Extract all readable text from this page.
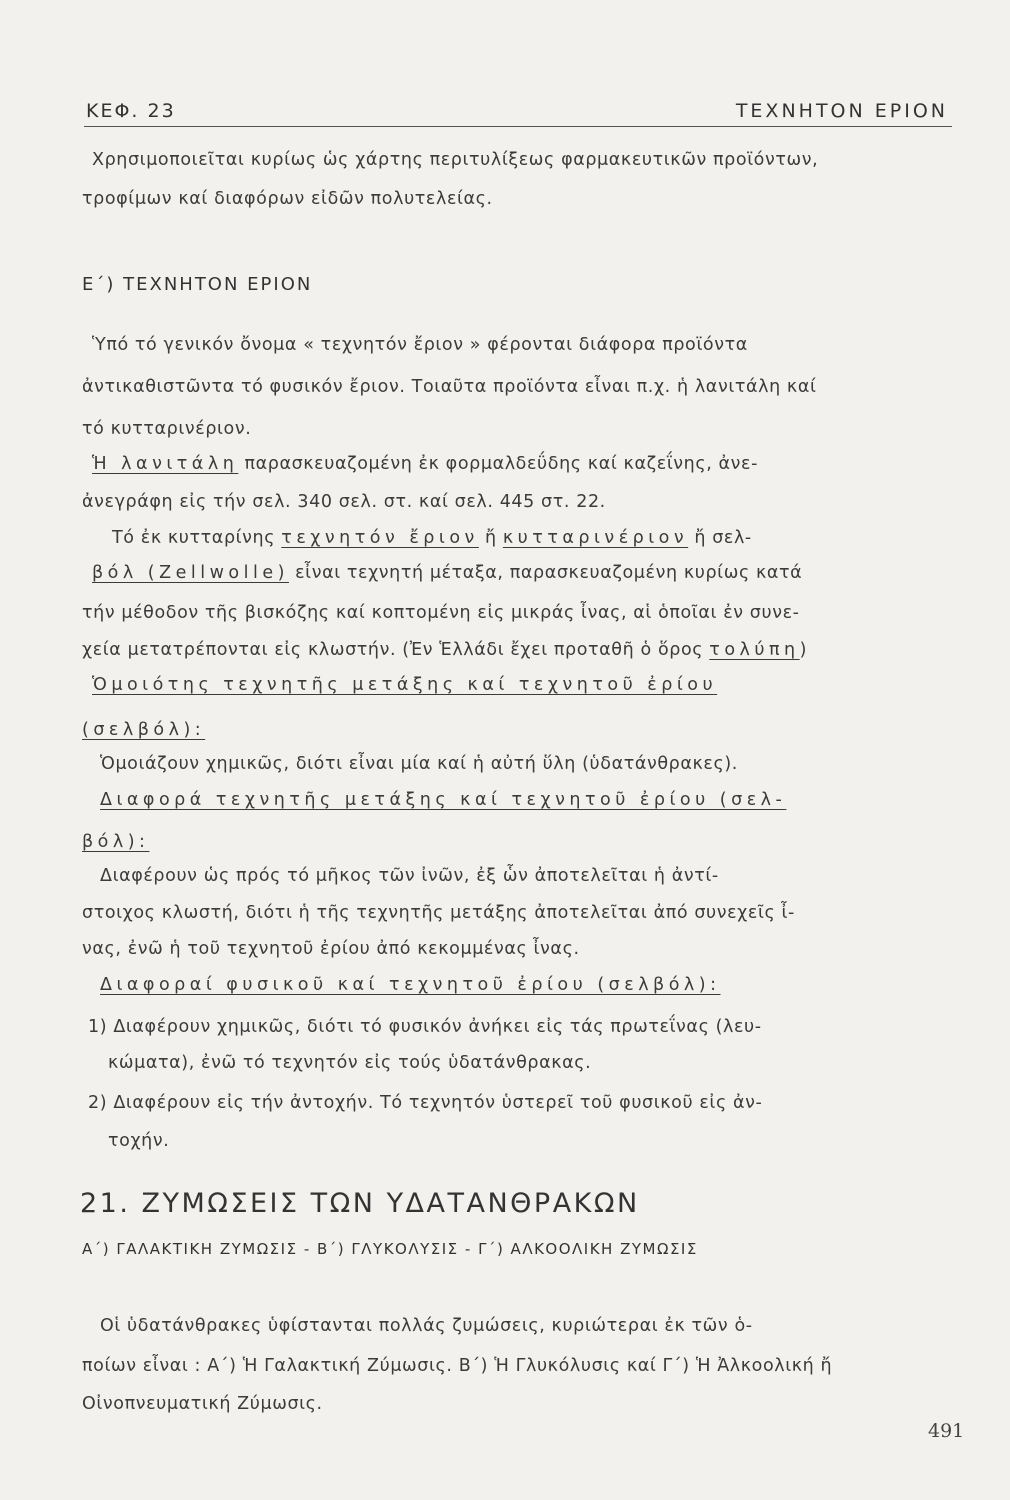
ΚΕΦ. 23	ΤΕΧΝΗΤΟΝ ΕΡΙΟΝ
Χρησιμοποιεῖται κυρίως ὡς χάρτης περιτυλίξεως φαρμακευτικῶν προϊόντων,
τροφίμων καί διαφόρων εἰδῶν πολυτελείας.
Ε΄) ΤΕΧΝΗΤΟΝ ΕΡΙΟΝ
Ὑπό τό γενικόν ὄνομα « τεχνητόν ἔριον » φέρονται διάφορα προϊόντα
ἀντικαθιστῶντα τό φυσικόν ἔριον. Τοιαῦτα προϊόντα εἶναι π.χ. ἡ λανιτάλη καί
τό κυτταρινέριον.
Ἡ λανιτάλη παρασκευαζομένη ἐκ φορμαλδεΰδης καί καζεΐνης, ἀνε-
ἀνεγράφη εἰς τήν σελ. 340 σελ. στ. καί σελ. 445 στ. 22.
Τό ἐκ κυτταρίνης τεχνητόν ἔριον ἤ κυτταρινέριον ἤ σελ-
βόλ (Zellwolle) εἶναι τεχνητή μέταξα, παρασκευαζομένη κυρίως κατά
τήν μέθοδον τῆς βισκόζης καί κοπτομένη εἰς μικράς ἶνας, αἱ ὁποῖαι ἐν συνε-
χεία μετατρέπονται εἰς κλωστήν. (Ἐν Ἑλλάδι ἔχει προταθῆ ὁ ὅρος τολύπη)
Ὁμοιότης τεχνητῆς μετάξης καί τεχνητοῦ ἐρίου
(σελβόλ):
Ὁμοιάζουν χημικῶς, διότι εἶναι μία καί ἡ αὐτή ὕλη (ὑδατάνθρακες).
Διαφορά τεχνητῆς μετάξης καί τεχνητοῦ ἐρίου (σελ-
βόλ):
Διαφέρουν ὡς πρός τό μῆκος τῶν ἰνῶν, ἐξ ὧν ἀποτελεῖται ἡ ἀντί-
στοιχος κλωστή, διότι ἡ τῆς τεχνητῆς μετάξης ἀποτελεῖται ἀπό συνεχεῖς ἶ-
νας, ἐνῶ ἡ τοῦ τεχνητοῦ ἐρίου ἀπό κεκομμένας ἶνας.
Διαφοραί φυσικοῦ καί τεχνητοῦ ἐρίου (σελβόλ):
1) Διαφέρουν χημικῶς, διότι τό φυσικόν ἀνήκει εἰς τάς πρωτεΐνας (λευ-
κώματα), ἐνῶ τό τεχνητόν εἰς τούς ὑδατάνθρακας.
2) Διαφέρουν εἰς τήν ἀντοχήν. Τό τεχνητόν ὑστερεῖ τοῦ φυσικοῦ εἰς ἀν-
τοχήν.
21. ΖΥΜΩΣΕΙΣ ΤΩΝ ΥΔΑΤΑΝΘΡΑΚΩΝ
Α΄) ΓΑΛΑΚΤΙΚΗ ΖΥΜΩΣΙΣ - Β΄) ΓΛΥΚΟΛΥΣΙΣ - Γ΄) ΑΛΚΟΟΛΙΚΗ ΖΥΜΩΣΙΣ
Οἱ ὑδατάνθρακες ὑφίστανται πολλάς ζυμώσεις, κυριώτεραι ἐκ τῶν ὁ-
ποίων εἶναι : Α΄) Ἡ Γαλακτική Ζύμωσις. Β΄) Ἡ Γλυκόλυσις καί Γ΄) Ἡ Ἀλκοολική ἤ
Οἰνοπνευματική Ζύμωσις.
491
